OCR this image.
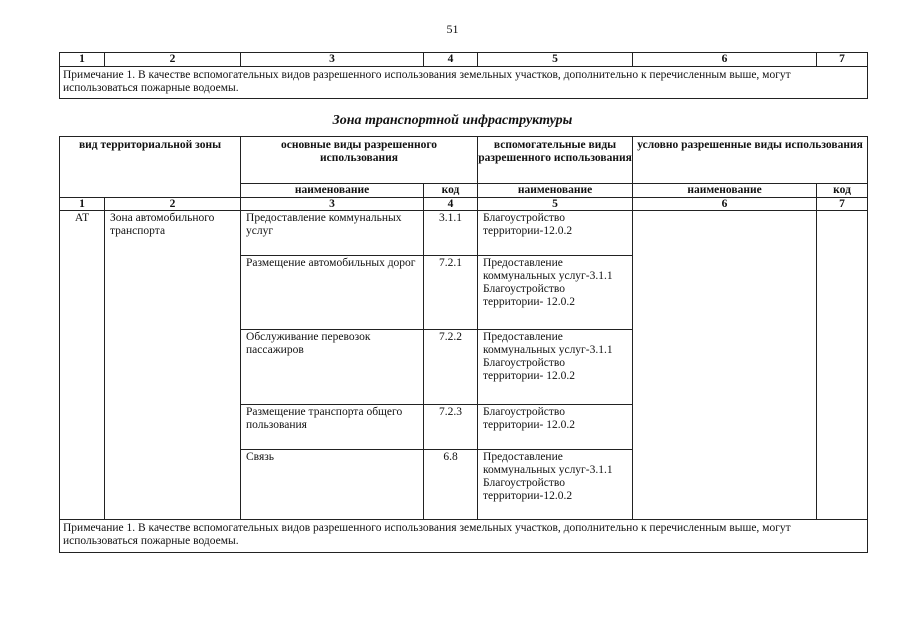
51
1	2	3	4	5	6	7
Примечание 1. В качестве вспомогательных видов разрешенного использования земельных участков, дополнительно к перечисленным выше, могут использоваться пожарные водоемы.
Зона транспортной инфраструктуры
вид территориальной зоны		основные виды разрешенного использования		вспомогательные виды разрешенного использования	условно разрешенные виды использования	
		наименование	код	наименование	наименование	код
1	2	3	4	5	6	7
АТ	Зона автомобильного транспорта	Предоставление коммунальных услуг	3.1.1	Благоустройство
территории-12.0.2		

		Размещение автомобильных дорог	7.2.1	Предоставление
коммунальных услуг-3.1.1
Благоустройство
территории- 12.0.2		

		Обслуживание перевозок пассажиров	7.2.2	Предоставление
коммунальных услуг-3.1.1
Благоустройство
территории- 12.0.2		

		Размещение транспорта общего пользования	7.2.3	Благоустройство
территории- 12.0.2		

		Связь	6.8	Предоставление
коммунальных услуг-3.1.1
Благоустройство
территории-12.0.2		

Примечание 1. В качестве вспомогательных видов разрешенного использования земельных участков, дополнительно к перечисленным выше, могут использоваться пожарные водоемы.						
